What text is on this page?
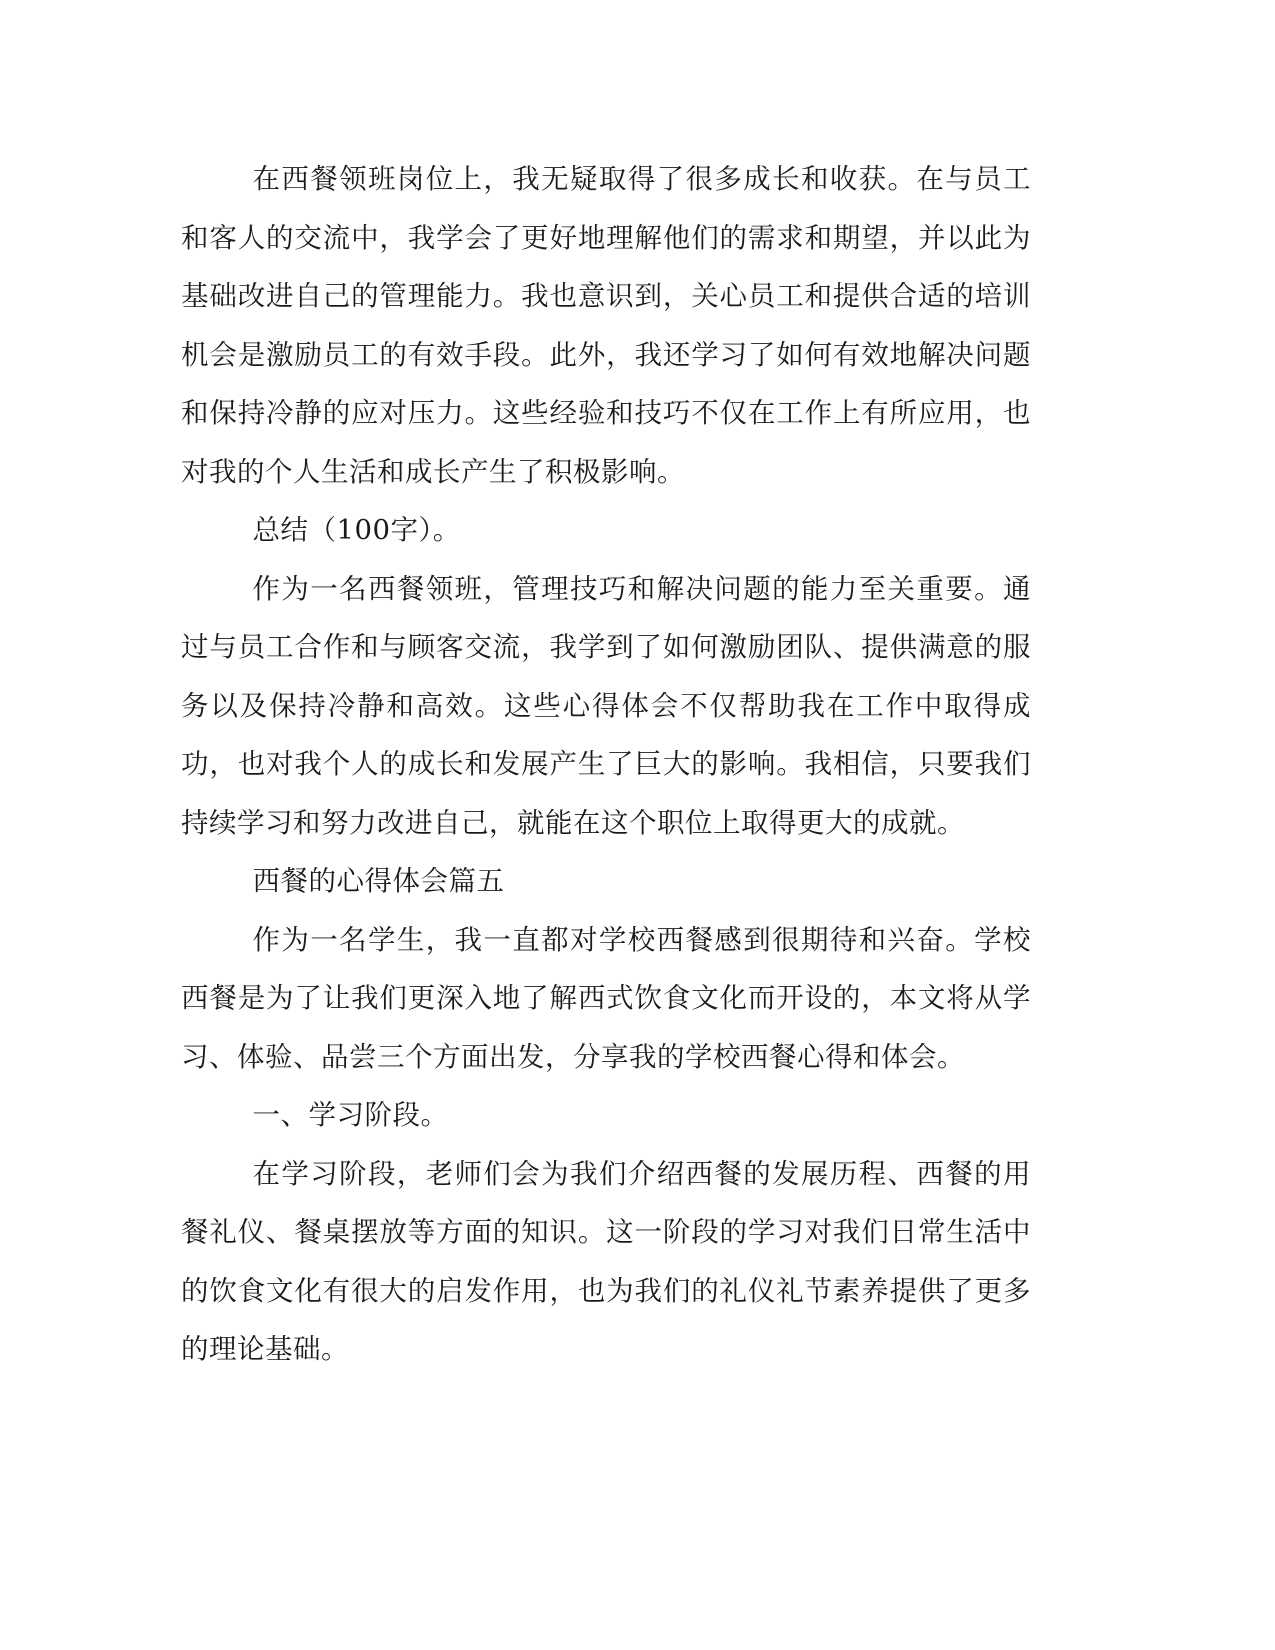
在西餐领班岗位上，我无疑取得了很多成长和收获。在与员工和客人的交流中，我学会了更好地理解他们的需求和期望，并以此为基础改进自己的管理能力。我也意识到，关心员工和提供合适的培训机会是激励员工的有效手段。此外，我还学习了如何有效地解决问题和保持冷静的应对压力。这些经验和技巧不仅在工作上有所应用，也对我的个人生活和成长产生了积极影响。

总结（100字）。

作为一名西餐领班，管理技巧和解决问题的能力至关重要。通过与员工合作和与顾客交流，我学到了如何激励团队、提供满意的服务以及保持冷静和高效。这些心得体会不仅帮助我在工作中取得成功，也对我个人的成长和发展产生了巨大的影响。我相信，只要我们持续学习和努力改进自己，就能在这个职位上取得更大的成就。

西餐的心得体会篇五

作为一名学生，我一直都对学校西餐感到很期待和兴奋。学校西餐是为了让我们更深入地了解西式饮食文化而开设的，本文将从学习、体验、品尝三个方面出发，分享我的学校西餐心得和体会。

一、学习阶段。

在学习阶段，老师们会为我们介绍西餐的发展历程、西餐的用餐礼仪、餐桌摆放等方面的知识。这一阶段的学习对我们日常生活中的饮食文化有很大的启发作用，也为我们的礼仪礼节素养提供了更多的理论基础。
